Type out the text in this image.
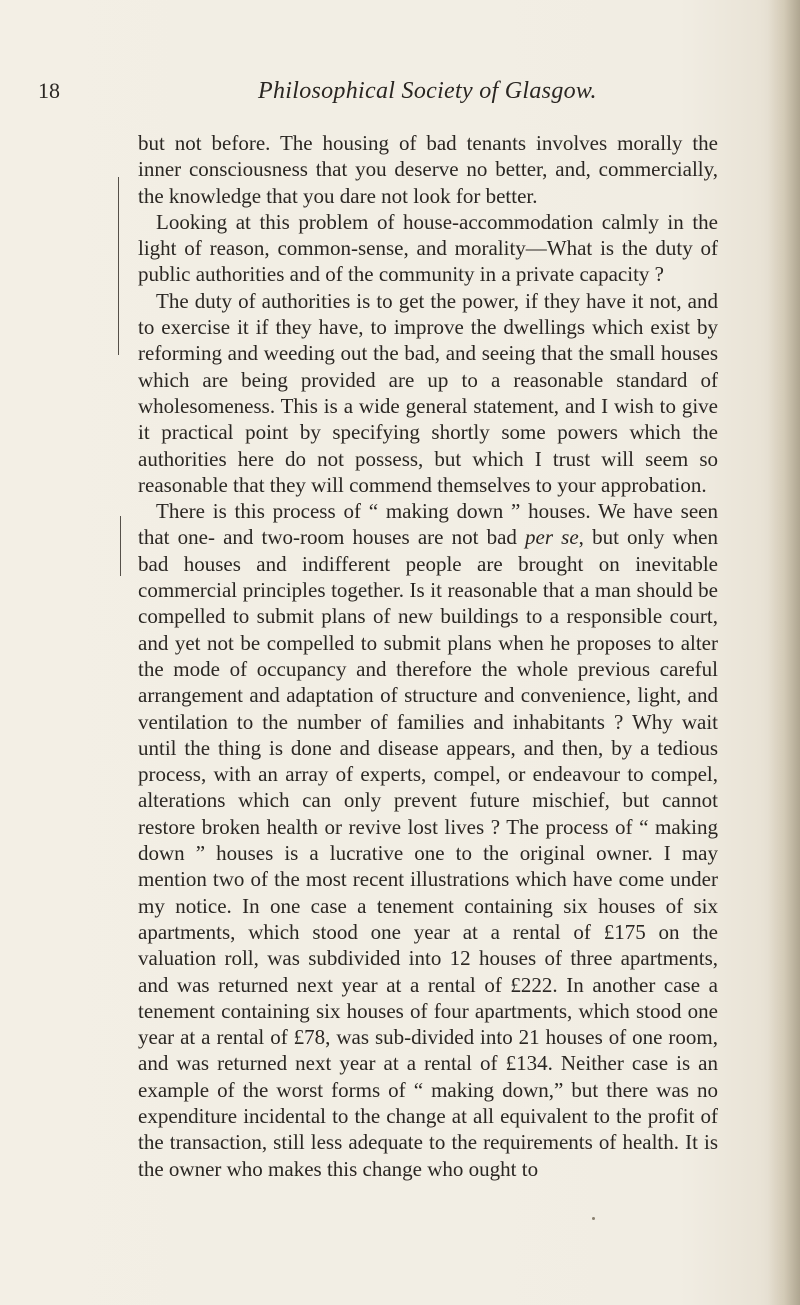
18	Philosophical Society of Glasgow.

but not before. The housing of bad tenants involves morally the inner consciousness that you deserve no better, and, commercially, the knowledge that you dare not look for better.

Looking at this problem of house-accommodation calmly in the light of reason, common-sense, and morality—What is the duty of public authorities and of the community in a private capacity ?

The duty of authorities is to get the power, if they have it not, and to exercise it if they have, to improve the dwellings which exist by reforming and weeding out the bad, and seeing that the small houses which are being provided are up to a reasonable standard of wholesomeness. This is a wide general statement, and I wish to give it practical point by specifying shortly some powers which the authorities here do not possess, but which I trust will seem so reasonable that they will commend themselves to your approbation.

There is this process of “ making down ” houses. We have seen that one- and two-room houses are not bad per se, but only when bad houses and indifferent people are brought on inevitable commercial principles together. Is it reasonable that a man should be compelled to submit plans of new buildings to a responsible court, and yet not be compelled to submit plans when he proposes to alter the mode of occupancy and therefore the whole previous careful arrangement and adaptation of structure and convenience, light, and ventilation to the number of families and inhabitants ? Why wait until the thing is done and disease appears, and then, by a tedious process, with an array of experts, compel, or endeavour to compel, alterations which can only prevent future mischief, but cannot restore broken health or revive lost lives ? The process of “ making down ” houses is a lucrative one to the original owner. I may mention two of the most recent illustrations which have come under my notice. In one case a tenement containing six houses of six apartments, which stood one year at a rental of £175 on the valuation roll, was subdivided into 12 houses of three apartments, and was returned next year at a rental of £222. In another case a tenement containing six houses of four apartments, which stood one year at a rental of £78, was sub-divided into 21 houses of one room, and was returned next year at a rental of £134. Neither case is an example of the worst forms of “ making down,” but there was no expenditure incidental to the change at all equivalent to the profit of the transaction, still less adequate to the requirements of health. It is the owner who makes this change who ought to
